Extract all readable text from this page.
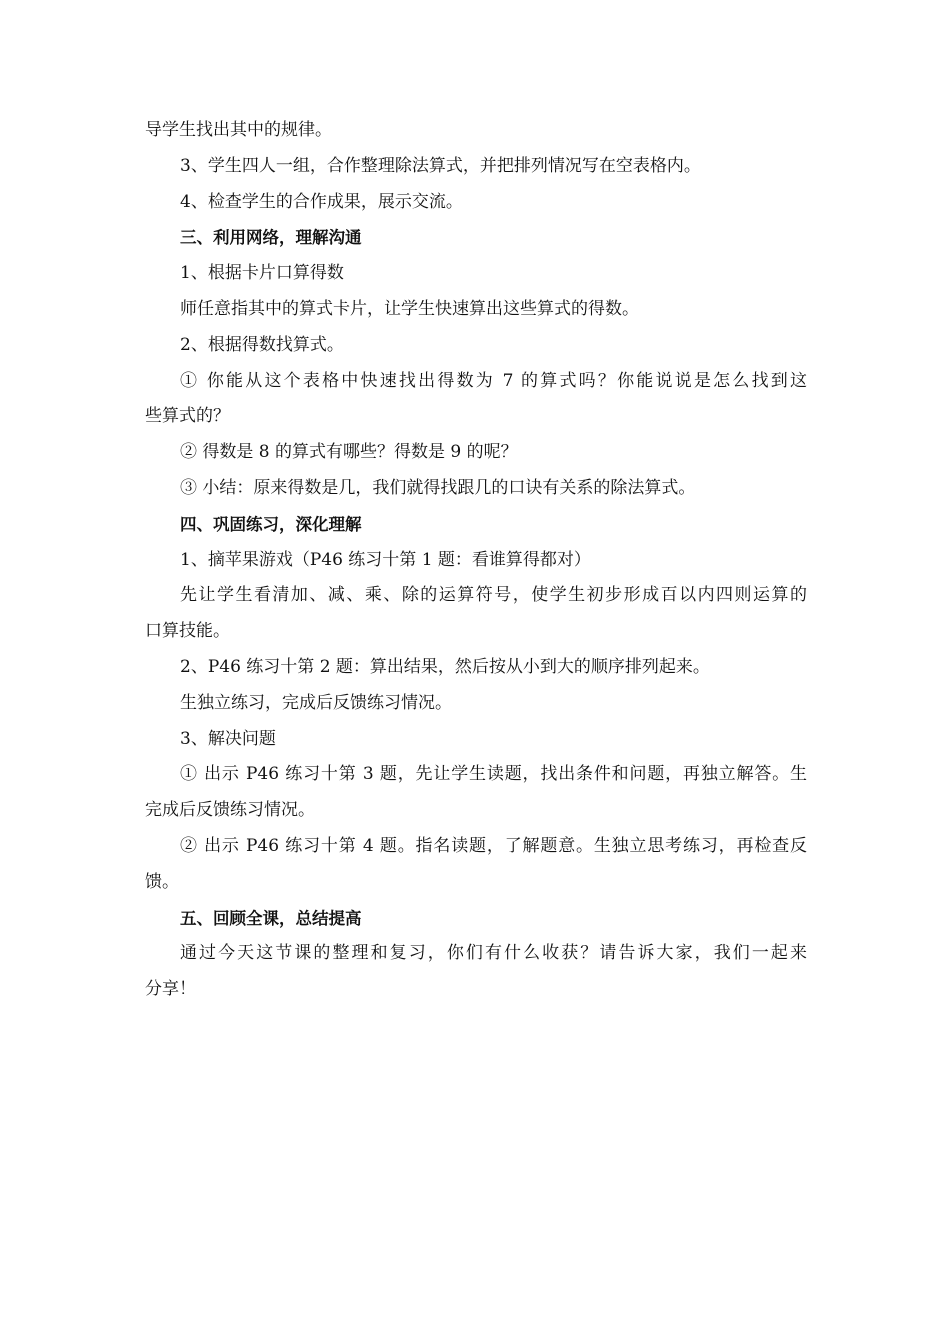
导学生找出其中的规律。
3、学生四人一组，合作整理除法算式，并把排列情况写在空表格内。
4、检查学生的合作成果，展示交流。
三、利用网络，理解沟通
1、根据卡片口算得数
师任意指其中的算式卡片，让学生快速算出这些算式的得数。
2、根据得数找算式。
① 你能从这个表格中快速找出得数为 7 的算式吗？你能说说是怎么找到这
些算式的？
② 得数是 8 的算式有哪些？得数是 9 的呢？
③ 小结：原来得数是几，我们就得找跟几的口诀有关系的除法算式。
四、巩固练习，深化理解
1、摘苹果游戏（P46 练习十第 1 题：看谁算得都对）
先让学生看清加、减、乘、除的运算符号，使学生初步形成百以内四则运算的
口算技能。
2、P46 练习十第 2 题：算出结果，然后按从小到大的顺序排列起来。
生独立练习，完成后反馈练习情况。
3、解决问题
① 出示 P46 练习十第 3 题，先让学生读题，找出条件和问题，再独立解答。生
完成后反馈练习情况。
② 出示 P46 练习十第 4 题。指名读题，了解题意。生独立思考练习，再检查反
馈。
五、回顾全课，总结提高
通过今天这节课的整理和复习，你们有什么收获？请告诉大家，我们一起来
分享！
